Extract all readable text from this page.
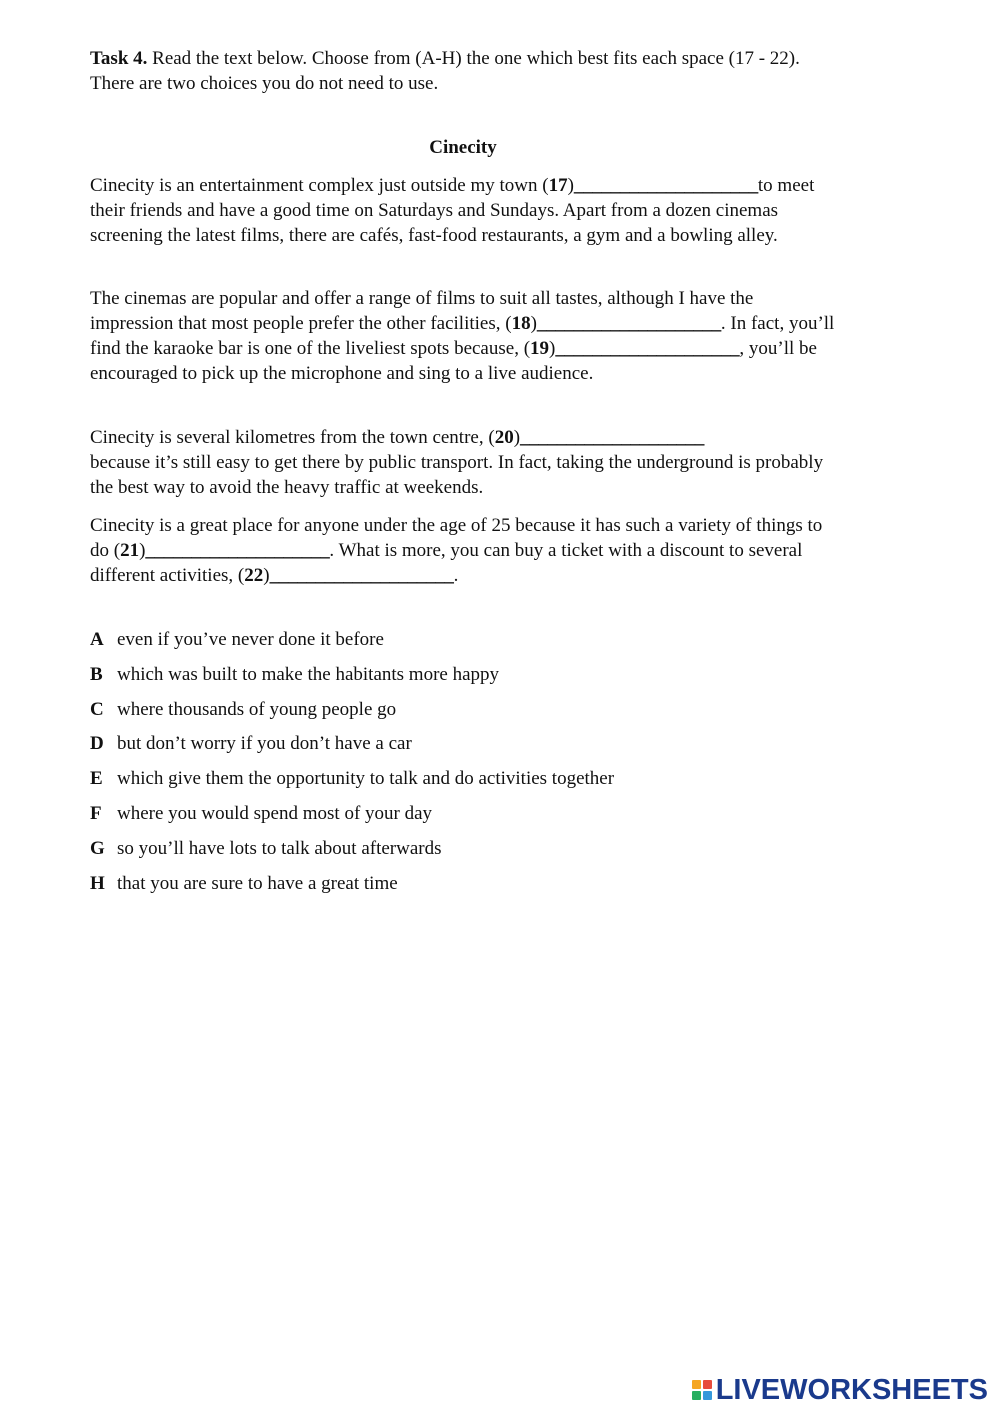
Task 4. Read the text below. Choose from (A-H) the one which best fits each space (17 - 22). There are two choices you do not need to use.
Cinecity
Cinecity is an entertainment complex just outside my town (17)____________________to meet their friends and have a good time on Saturdays and Sundays. Apart from a dozen cinemas screening the latest films, there are cafés, fast-food restaurants, a gym and a bowling alley.
The cinemas are popular and offer a range of films to suit all tastes, although I have the impression that most people prefer the other facilities, (18)____________________. In fact, you’ll find the karaoke bar is one of the liveliest spots because, (19)____________________, you’ll be encouraged to pick up the microphone and sing to a live audience.
Cinecity is several kilometres from the town centre, (20)____________________
because it’s still easy to get there by public transport. In fact, taking the underground is probably the best way to avoid the heavy traffic at weekends.
Cinecity is a great place for anyone under the age of 25 because it has such a variety of things to do (21)____________________. What is more, you can buy a ticket with a discount to several different activities, (22)____________________.
A even if you’ve never done it before
B which was built to make the habitants more happy
C where thousands of young people go
D but don’t worry if you don’t have a car
E which give them the opportunity to talk and do activities together
F where you would spend most of your day
G so you’ll have lots to talk about afterwards
H that you are sure to have a great time
LIVEWORKSHEETS
